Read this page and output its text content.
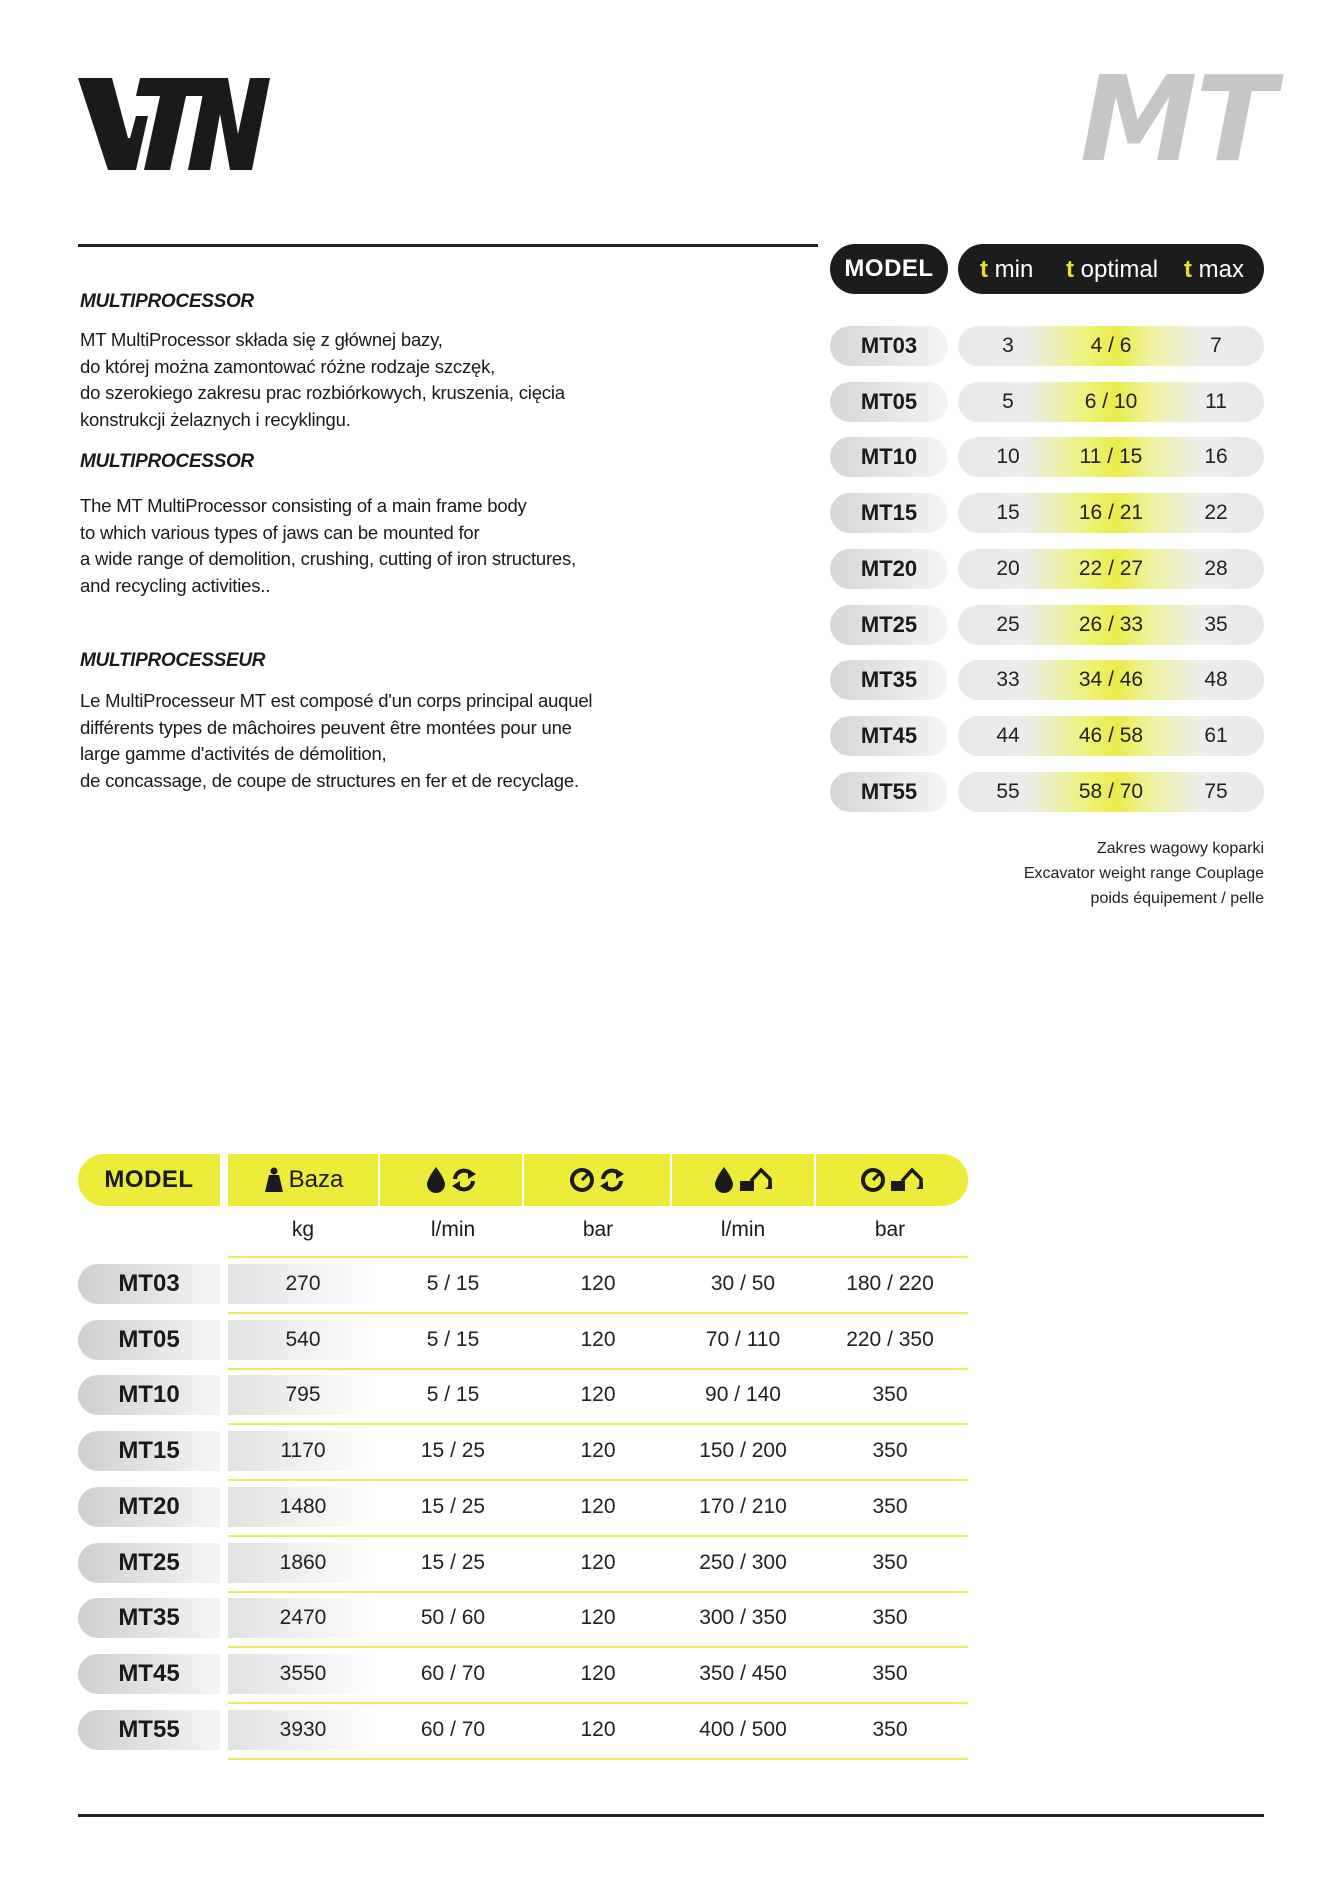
MT
MULTIPROCESSOR
MT MultiProcessor składa się z głównej bazy,
do której można zamontować różne rodzaje szczęk,
do szerokiego zakresu prac rozbiórkowych, kruszenia, cięcia
konstrukcji żelaznych i recyklingu.
MULTIPROCESSOR
The MT MultiProcessor consisting of a main frame body
to which various types of jaws can be mounted for
a wide range of demolition, crushing, cutting of iron structures,
and recycling activities..
MULTIPROCESSEUR
Le MultiProcesseur MT est composé d'un corps principal auquel
différents types de mâchoires peuvent être montées pour une
large gamme d'activités de démolition,
de concassage, de coupe de structures en fer et de recyclage.
MODEL	t min t optimal t max
MT03	3	4 / 6	7
MT05	5	6 / 10	11
MT10	10	11 / 15	16
MT15	15	16 / 21	22
MT20	20	22 / 27	28
MT25	25	26 / 33	35
MT35	33	34 / 46	48
MT45	44	46 / 58	61
MT55	55	58 / 70	75
Zakres wagowy koparki
Excavator weight range Couplage
poids équipement / pelle
MODEL	Baza
kg	l/min	bar	l/min	bar
MT03	270	5 / 15	120	30 / 50	180 / 220
MT05	540	5 / 15	120	70 / 110	220 / 350
MT10	795	5 / 15	120	90 / 140	350
MT15	1170	15 / 25	120	150 / 200	350
MT20	1480	15 / 25	120	170 / 210	350
MT25	1860	15 / 25	120	250 / 300	350
MT35	2470	50 / 60	120	300 / 350	350
MT45	3550	60 / 70	120	350 / 450	350
MT55	3930	60 / 70	120	400 / 500	350
